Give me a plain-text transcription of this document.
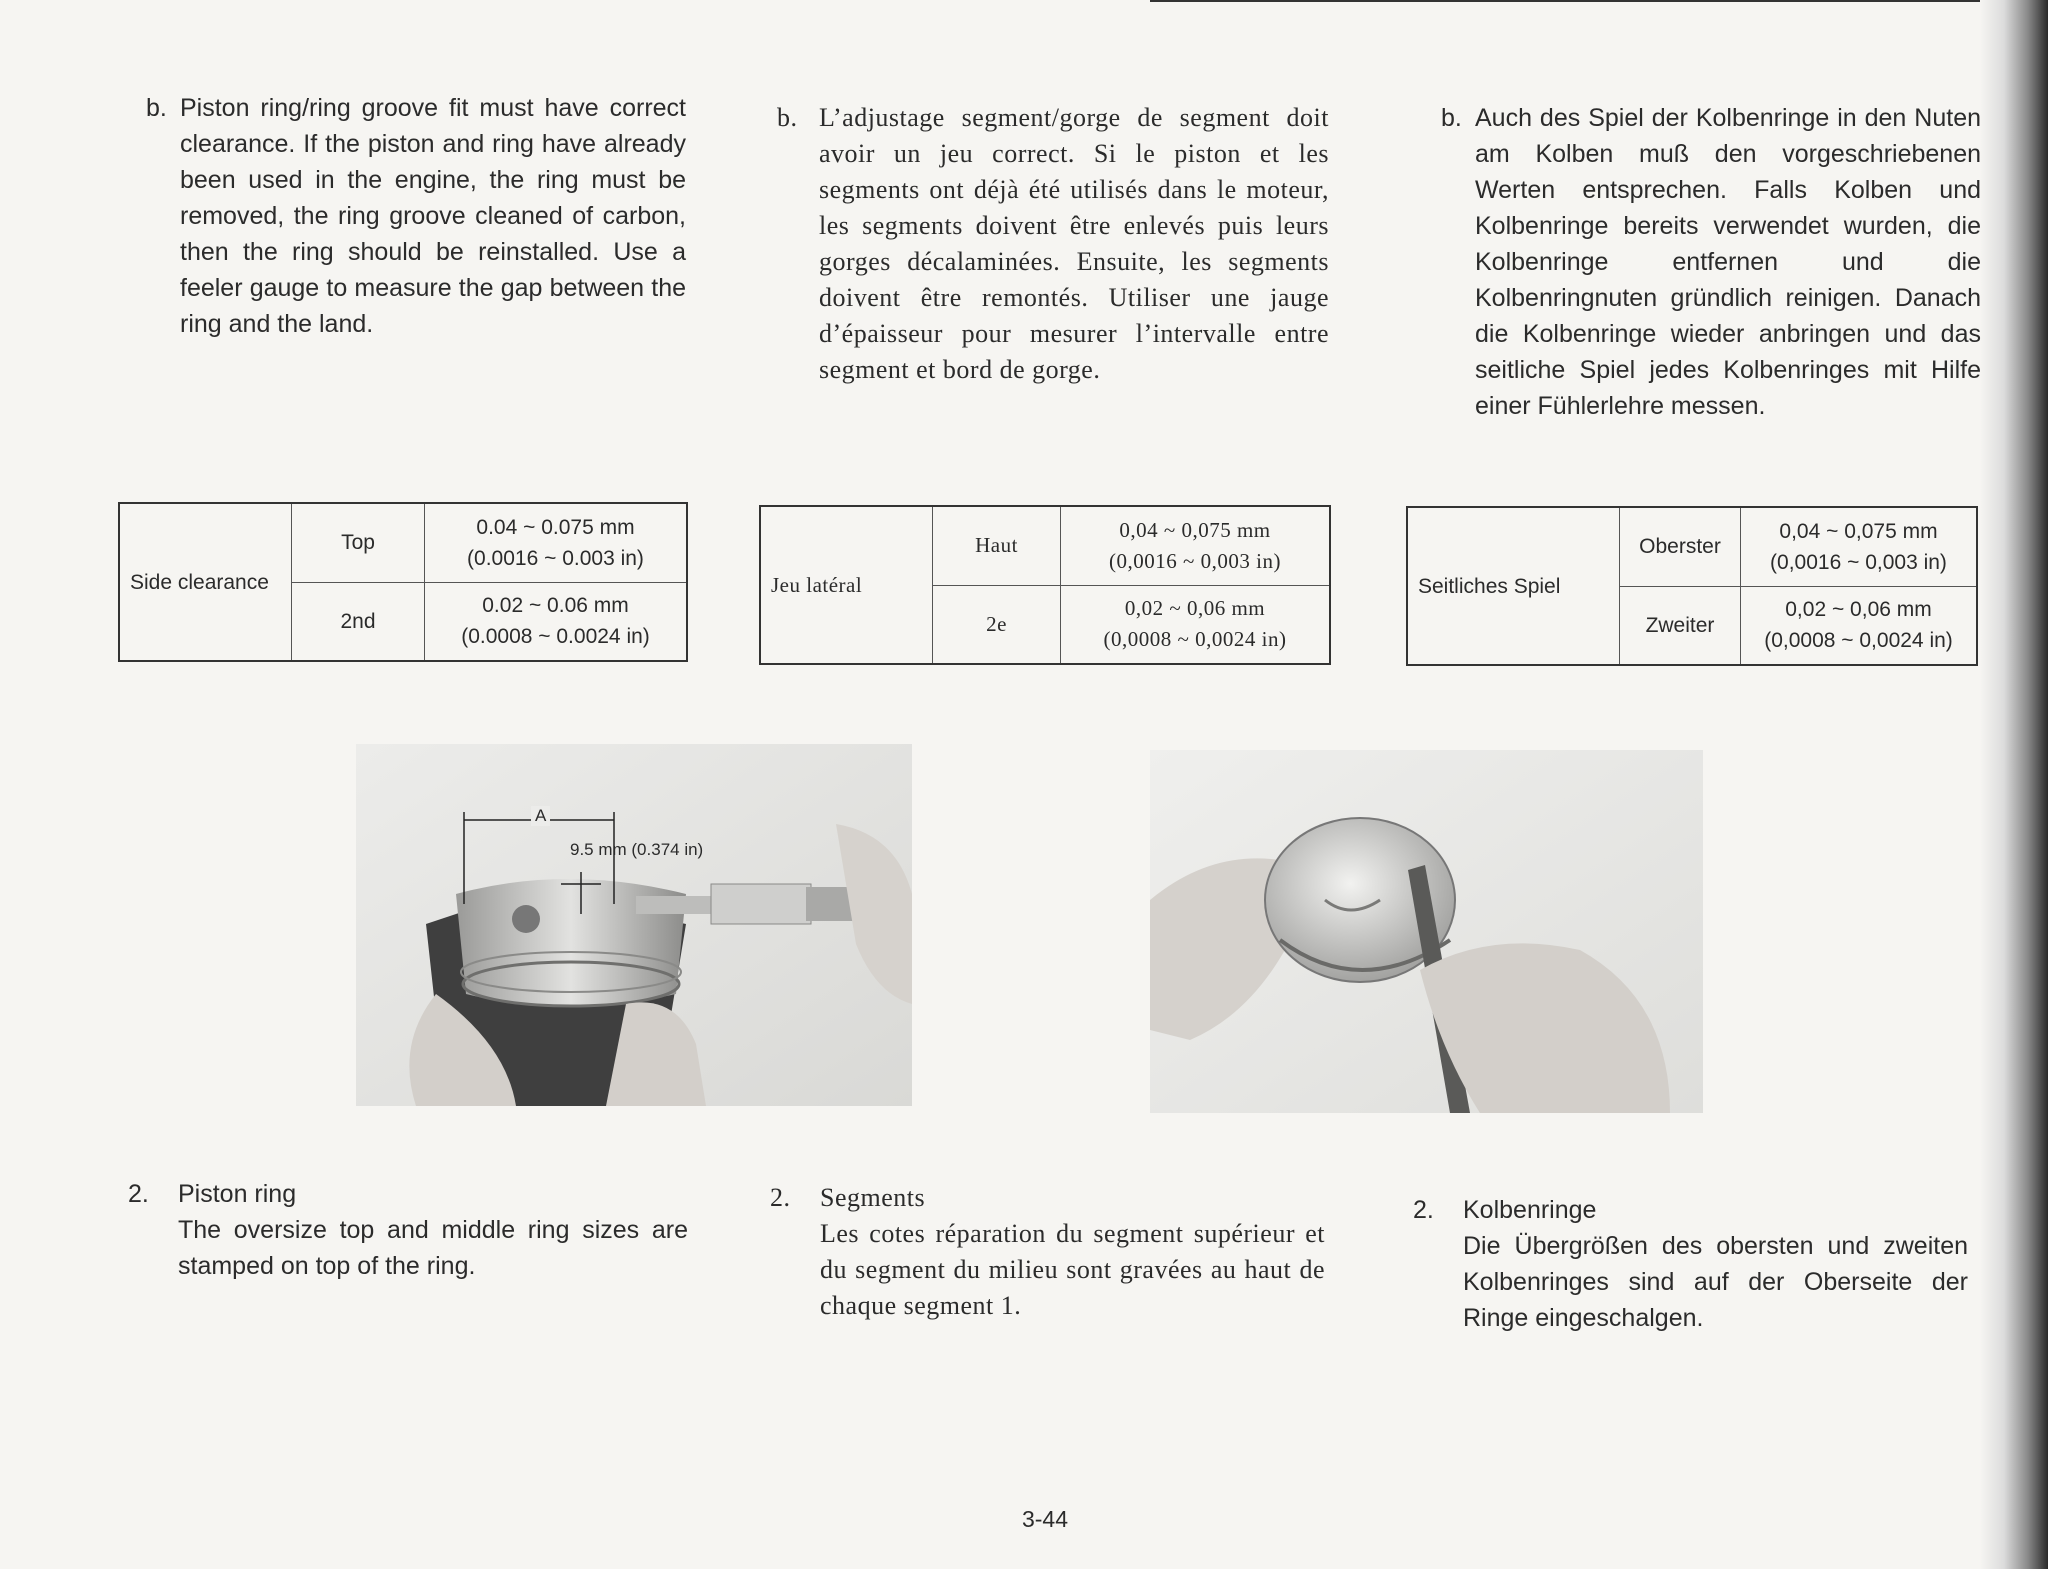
b. Piston ring/ring groove fit must have correct clearance. If the piston and ring have already been used in the engine, the ring must be removed, the ring groove cleaned of carbon, then the ring should be reinstalled. Use a feeler gauge to measure the gap between the ring and the land.
b. L’adjustage segment/gorge de segment doit avoir un jeu correct. Si le piston et les segments ont déjà été utilisés dans le moteur, les segments doivent être enlevés puis leurs gorges décalaminées. Ensuite, les segments doivent être remontés. Utiliser une jauge d’épaisseur pour mesurer l’intervalle entre segment et bord de gorge.
b. Auch des Spiel der Kolbenringe in den Nuten am Kolben muß den vorgeschriebenen Werten entsprechen. Falls Kolben und Kolbenringe bereits verwendet wurden, die Kolbenringe entfernen und die Kolbenringnuten gründlich reinigen. Danach die Kolbenringe wieder anbringen und das seitliche Spiel jedes Kolbenringes mit Hilfe einer Fühlerlehre messen.
Side clearance	Top	0.04 ~ 0.075 mm
(0.0016 ~ 0.003 in)

	2nd	0.02 ~ 0.06 mm
(0.0008 ~ 0.0024 in)
Jeu latéral	Haut	0,04 ~ 0,075 mm
(0,0016 ~ 0,003 in)

	2e	0,02 ~ 0,06 mm
(0,0008 ~ 0,0024 in)
Seitliches Spiel	Oberster	0,04 ~ 0,075 mm
(0,0016 ~ 0,003 in)

	Zweiter	0,02 ~ 0,06 mm
(0,0008 ~ 0,0024 in)
A
9.5 mm (0.374 in)
2. Piston ring
The oversize top and middle ring sizes are stamped on top of the ring.
2. Segments
Les cotes réparation du segment supérieur et du segment du milieu sont gravées au haut de chaque segment 1.
2. Kolbenringe
Die Übergrößen des obersten und zweiten Kolbenringes sind auf der Oberseite der Ringe eingeschalgen.
3-44
